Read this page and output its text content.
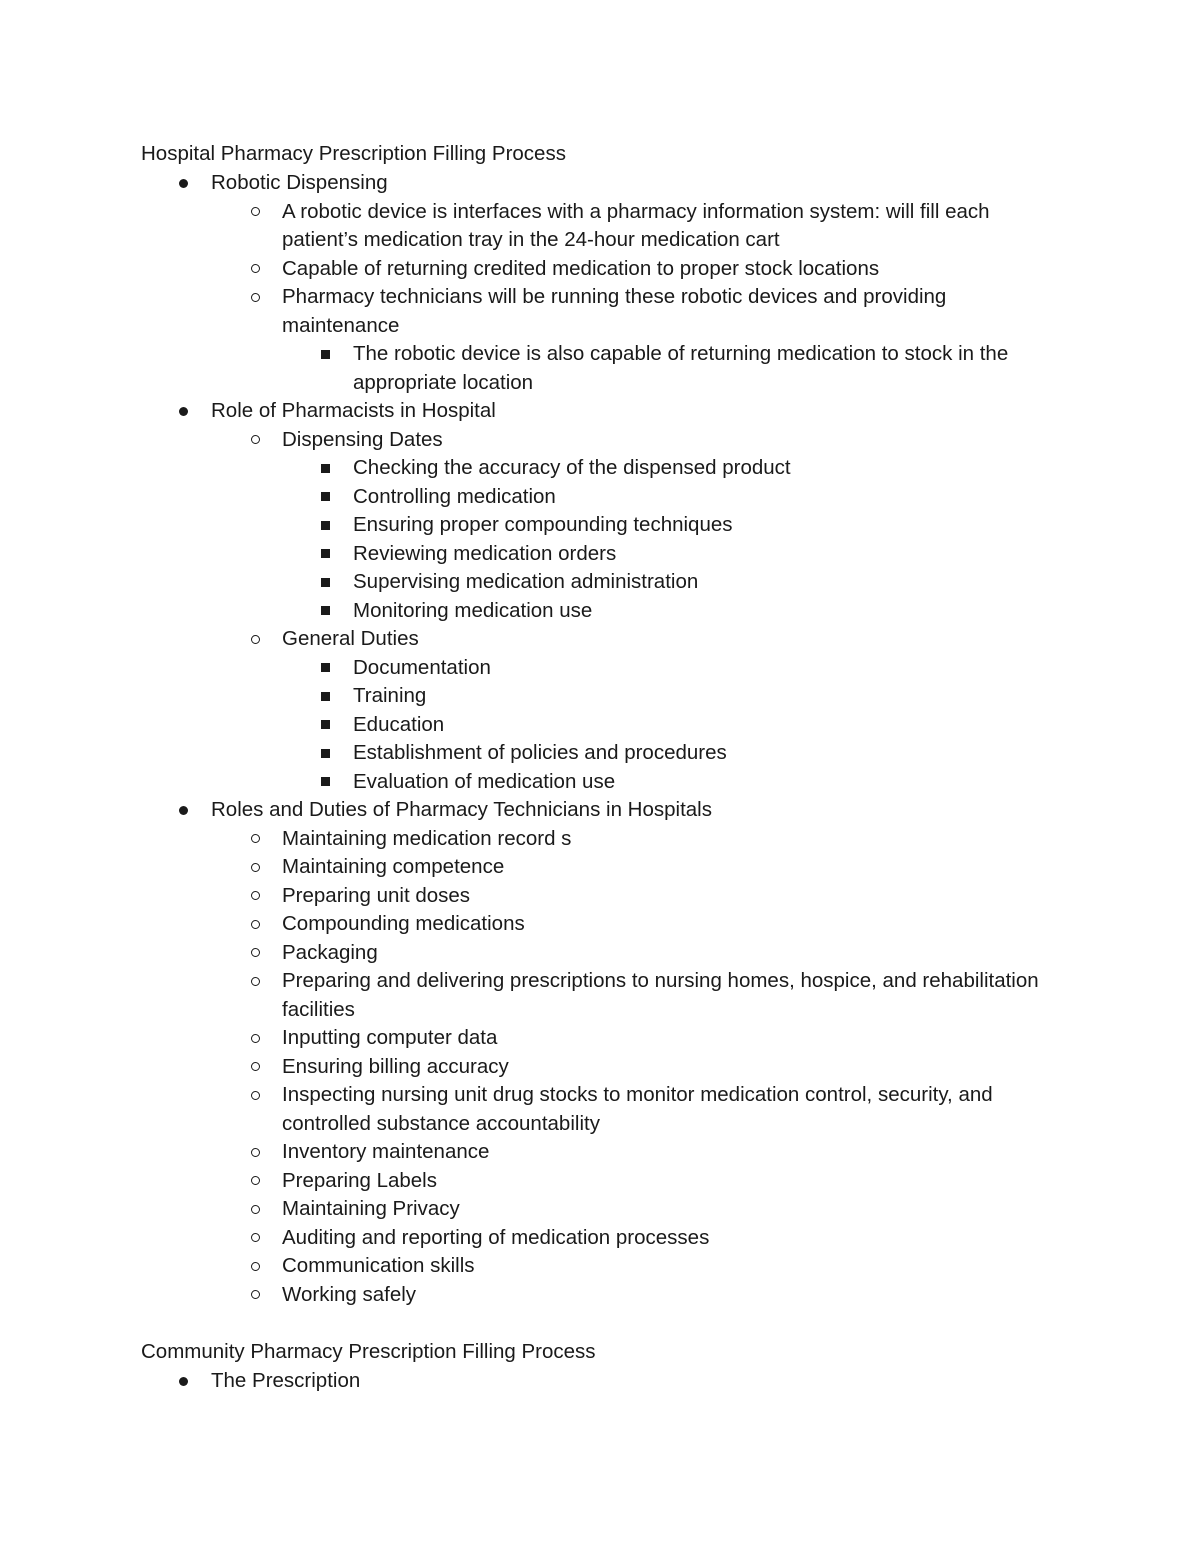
Hospital Pharmacy Prescription Filling Process
Robotic Dispensing
A robotic device is interfaces with a pharmacy information system: will fill each patient’s medication tray in the 24-hour medication cart
Capable of returning credited medication to proper stock locations
Pharmacy technicians will be running these robotic devices and providing maintenance
The robotic device is also capable of returning medication to stock in the appropriate location
Role of Pharmacists in Hospital
Dispensing Dates
Checking the accuracy of the dispensed product
Controlling medication
Ensuring proper compounding techniques
Reviewing medication orders
Supervising medication administration
Monitoring medication use
General Duties
Documentation
Training
Education
Establishment of policies and procedures
Evaluation of medication use
Roles and Duties of Pharmacy Technicians in Hospitals
Maintaining medication record s
Maintaining competence
Preparing unit doses
Compounding medications
Packaging
Preparing and delivering prescriptions to nursing homes, hospice, and rehabilitation facilities
Inputting computer data
Ensuring billing accuracy
Inspecting nursing unit drug stocks to monitor medication control, security, and controlled substance accountability
Inventory maintenance
Preparing Labels
Maintaining Privacy
Auditing and reporting of medication processes
Communication skills
Working safely
Community Pharmacy Prescription Filling Process
The Prescription
